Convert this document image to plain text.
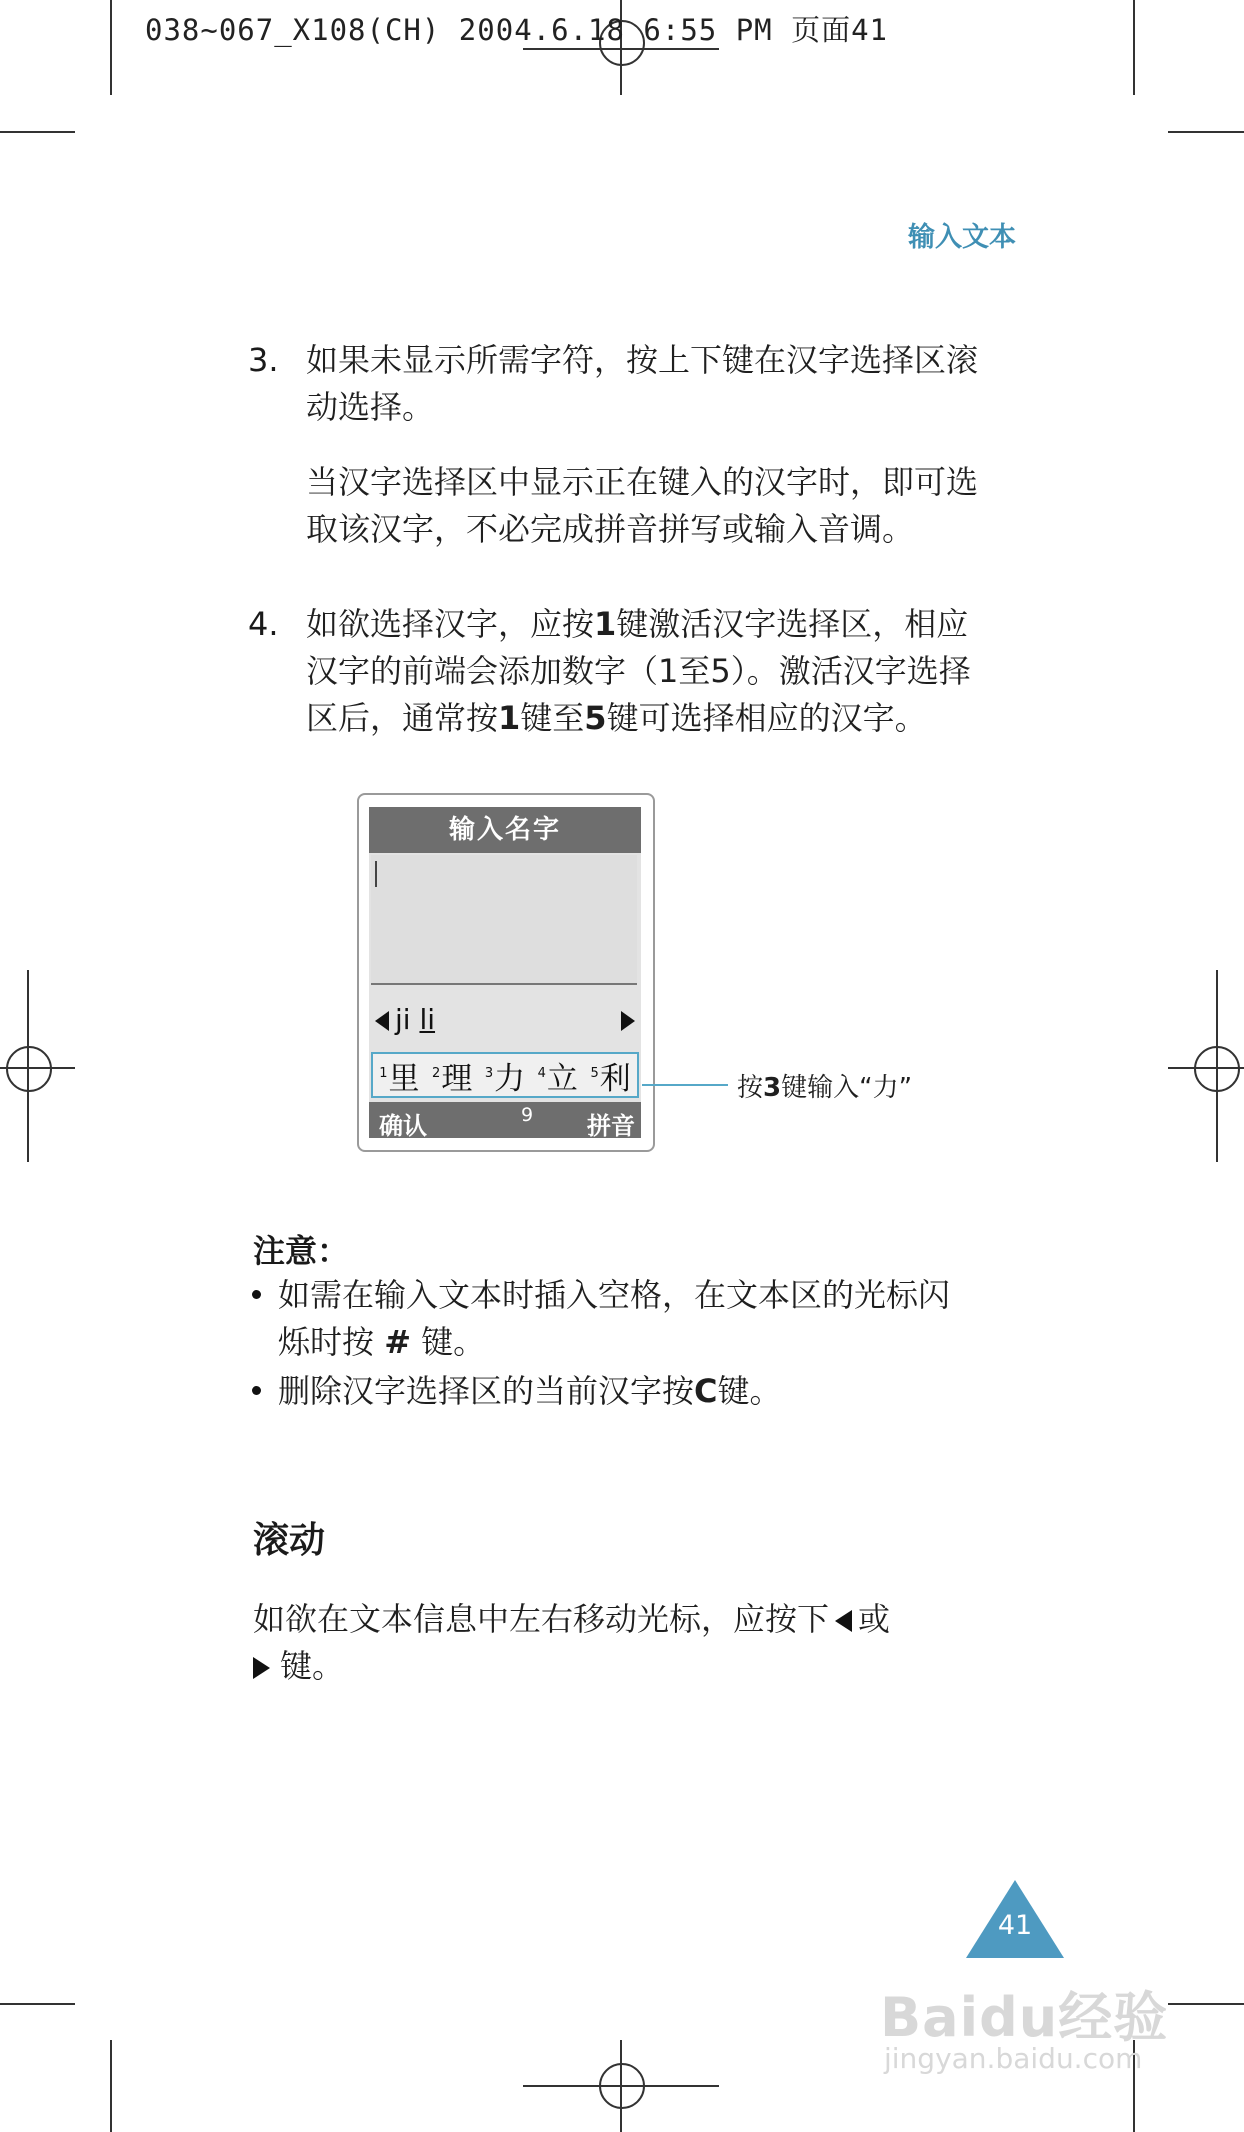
038~067_X108(CH) 2004.6.18 6:55 PM 页面41
输入文本
3. 如果未显示所需字符，按上下键在汉字选择区滚
动选择。
当汉字选择区中显示正在键入的汉字时，即可选
取该汉字，不必完成拼音拼写或输入音调。
4. 如欲选择汉字，应按1键激活汉字选择区，相应
汉字的前端会添加数字（1至5）。激活汉字选择
区后，通常按1键至5键可选择相应的汉字。
输入名字
ji li
$^1$里 $^2$理 $^3$力 $^4$立 $^5$利
确认	9 拼音
按3键输入“力”
注意：
如需在输入文本时插入空格，在文本区的光标闪
烁时按 # 键。
删除汉字选择区的当前汉字按C键。
滚动
如欲在文本信息中左右移动光标，应按下 或
键。
41
Baidu经验
jingyan.baidu.com
